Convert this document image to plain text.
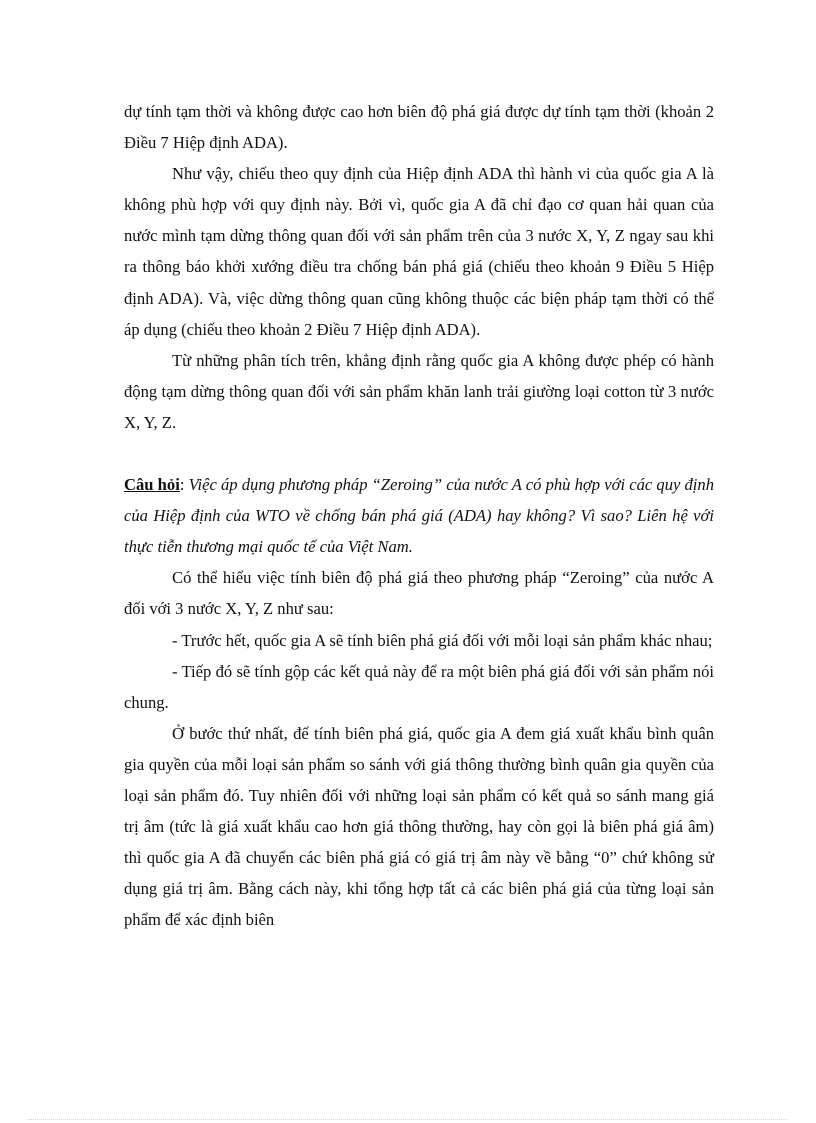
dự tính tạm thời và không được cao hơn biên độ phá giá được dự tính tạm thời (khoản 2 Điều 7 Hiệp định ADA).

Như vậy, chiếu theo quy định của Hiệp định ADA thì hành vi của quốc gia A là không phù hợp với quy định này. Bởi vì, quốc gia A đã chỉ đạo cơ quan hải quan của nước mình tạm dừng thông quan đối với sản phẩm trên của 3 nước X, Y, Z ngay sau khi ra thông báo khởi xướng điều tra chống bán phá giá (chiếu theo khoản 9 Điều 5 Hiệp định ADA). Và, việc dừng thông quan cũng không thuộc các biện pháp tạm thời có thể áp dụng (chiếu theo khoản 2 Điều 7 Hiệp định ADA).

Từ những phân tích trên, khẳng định rằng quốc gia A không được phép có hành động tạm dừng thông quan đối với sản phẩm khăn lanh trải giường loại cotton từ 3 nước X, Y, Z.

Câu hỏi: Việc áp dụng phương pháp “Zeroing” của nước A có phù hợp với các quy định của Hiệp định của WTO về chống bán phá giá (ADA) hay không? Vì sao? Liên hệ với thực tiễn thương mại quốc tế của Việt Nam.

Có thể hiểu việc tính biên độ phá giá theo phương pháp “Zeroing” của nước A đối với 3 nước X, Y, Z như sau:

- Trước hết, quốc gia A sẽ tính biên phá giá đối với mỗi loại sản phẩm khác nhau;

- Tiếp đó sẽ tính gộp các kết quả này để ra một biên phá giá đối với sản phẩm nói chung.

Ở bước thứ nhất, để tính biên phá giá, quốc gia A đem giá xuất khẩu bình quân gia quyền của mỗi loại sản phẩm so sánh với giá thông thường bình quân gia quyền của loại sản phẩm đó. Tuy nhiên đối với những loại sản phẩm có kết quả so sánh mang giá trị âm (tức là giá xuất khẩu cao hơn giá thông thường, hay còn gọi là biên phá giá âm) thì quốc gia A đã chuyển các biên phá giá có giá trị âm này về bằng “0” chứ không sử dụng giá trị âm. Bằng cách này, khi tổng hợp tất cả các biên phá giá của từng loại sản phẩm để xác định biên
